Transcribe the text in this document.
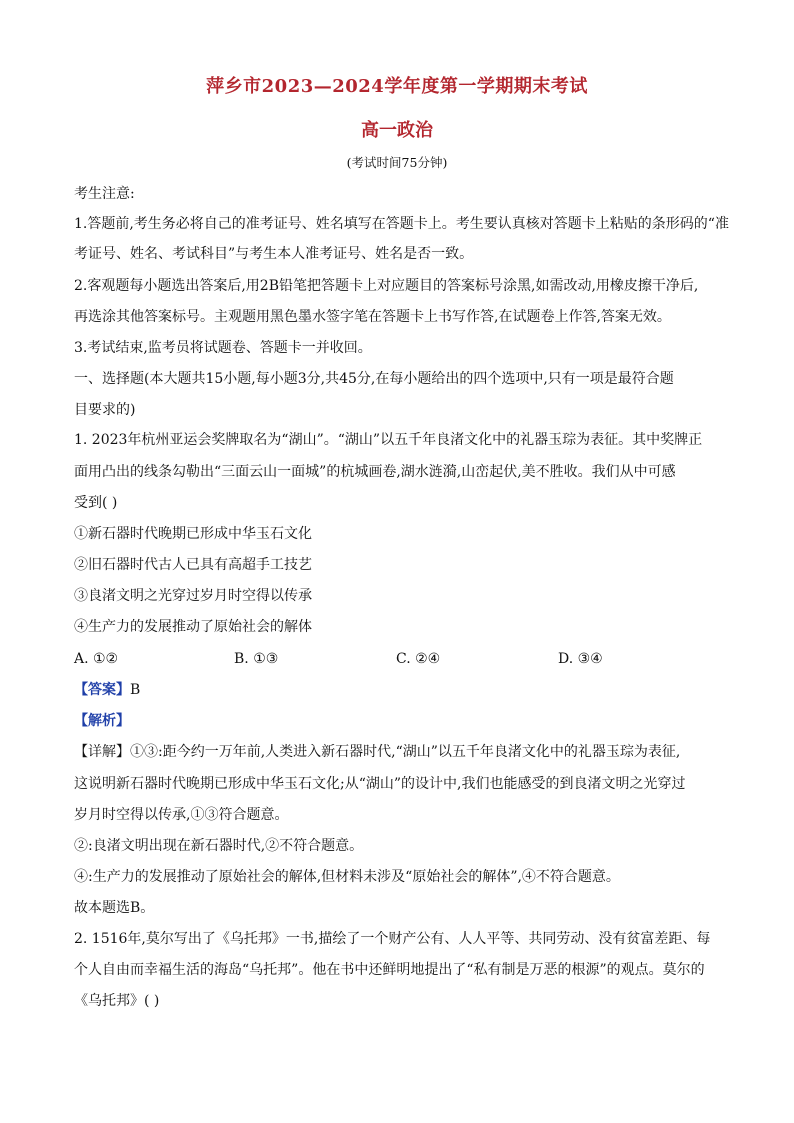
萍乡市2023—2024学年度第一学期期末考试
高一政治
(考试时间75分钟)
考生注意:
1.答题前,考生务必将自己的准考证号、姓名填写在答题卡上。考生要认真核对答题卡上粘贴的条形码的“准
考证号、姓名、考试科目”与考生本人准考证号、姓名是否一致。
2.客观题每小题选出答案后,用2B铅笔把答题卡上对应题目的答案标号涂黑,如需改动,用橡皮擦干净后,
再选涂其他答案标号。主观题用黑色墨水签字笔在答题卡上书写作答,在试题卷上作答,答案无效。
3.考试结束,监考员将试题卷、答题卡一并收回。
一、选择题(本大题共15小题,每小题3分,共45分,在每小题给出的四个选项中,只有一项是最符合题
目要求的)
1. 2023年杭州亚运会奖牌取名为“湖山”。“湖山”以五千年良渚文化中的礼器玉琮为表征。其中奖牌正
面用凸出的线条勾勒出“三面云山一面城”的杭城画卷,湖水涟漪,山峦起伏,美不胜收。我们从中可感
受到( )
①新石器时代晚期已形成中华玉石文化
②旧石器时代古人已具有高超手工技艺
③良渚文明之光穿过岁月时空得以传承
④生产力的发展推动了原始社会的解体
A. ①②	B. ①③	C. ②④	D. ③④
【答案】B
【解析】
【详解】①③:距今约一万年前,人类进入新石器时代,“湖山”以五千年良渚文化中的礼器玉琮为表征,
这说明新石器时代晚期已形成中华玉石文化;从“湖山”的设计中,我们也能感受的到良渚文明之光穿过
岁月时空得以传承,①③符合题意。
②:良渚文明出现在新石器时代,②不符合题意。
④:生产力的发展推动了原始社会的解体,但材料未涉及“原始社会的解体”,④不符合题意。
故本题选B。
2. 1516年,莫尔写出了《乌托邦》一书,描绘了一个财产公有、人人平等、共同劳动、没有贫富差距、每
个人自由而幸福生活的海岛“乌托邦”。他在书中还鲜明地提出了“私有制是万恶的根源”的观点。莫尔的
《乌托邦》( )
